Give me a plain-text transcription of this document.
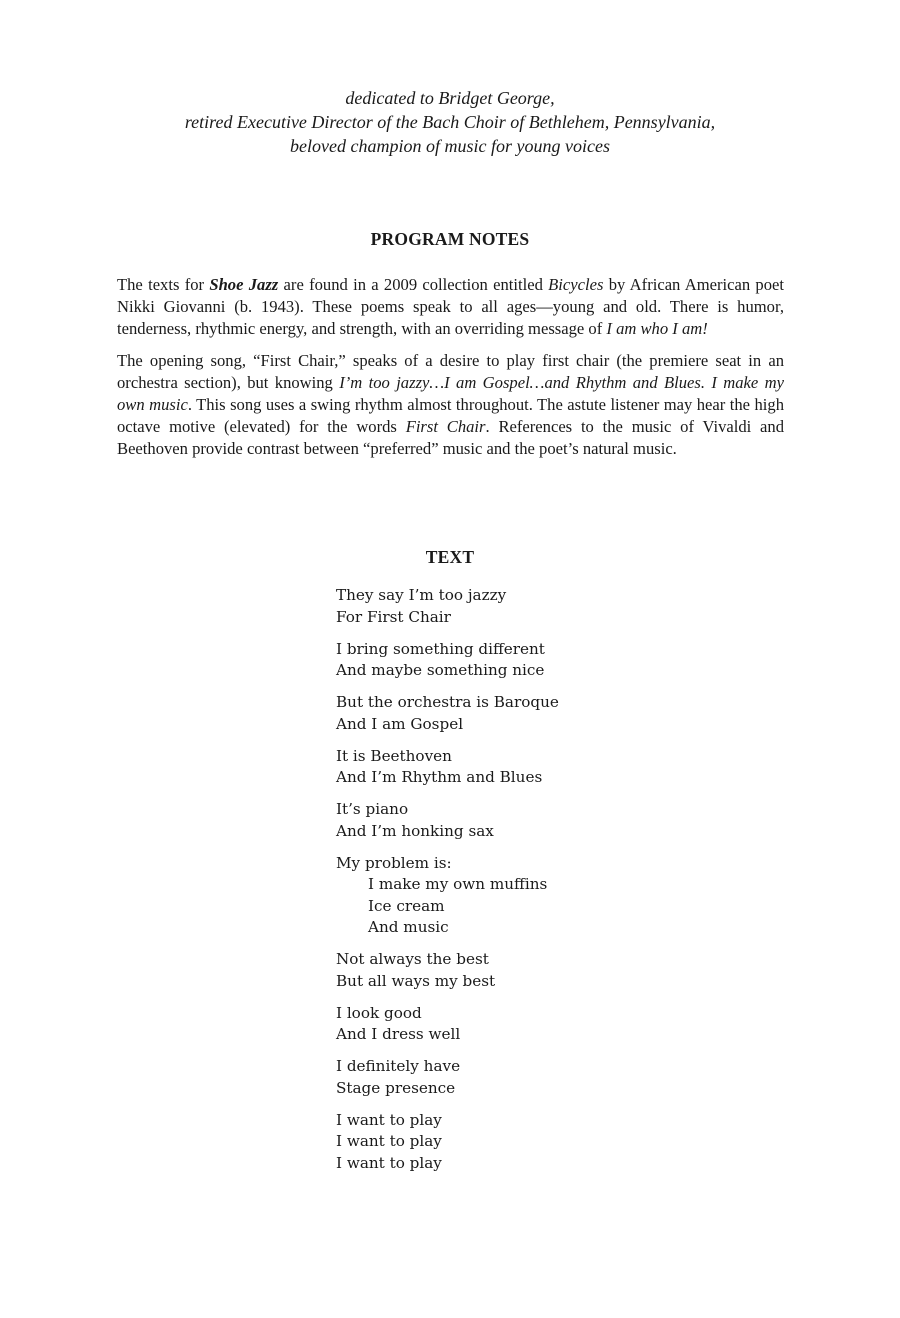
dedicated to Bridget George,
retired Executive Director of the Bach Choir of Bethlehem, Pennsylvania,
beloved champion of music for young voices
PROGRAM NOTES

The texts for Shoe Jazz are found in a 2009 collection entitled Bicycles by African American poet Nikki Giovanni (b. 1943). These poems speak to all ages—young and old. There is humor, tenderness, rhythmic energy, and strength, with an overriding message of I am who I am!

The opening song, “First Chair,” speaks of a desire to play first chair (the premiere seat in an orchestra section), but knowing I’m too jazzy…I am Gospel…and Rhythm and Blues. I make my own music. This song uses a swing rhythm almost throughout. The astute listener may hear the high octave motive (elevated) for the words First Chair. References to the music of Vivaldi and Beethoven provide contrast between “preferred” music and the poet’s natural music.

TEXT
They say I’m too jazzy
For First Chair
I bring something different
And maybe something nice
But the orchestra is Baroque
And I am Gospel
It is Beethoven
And I’m Rhythm and Blues
It’s piano
And I’m honking sax
My problem is:
I make my own muffins
Ice cream
And music
Not always the best
But all ways my best
I look good
And I dress well
I definitely have
Stage presence
I want to play
I want to play
I want to play
